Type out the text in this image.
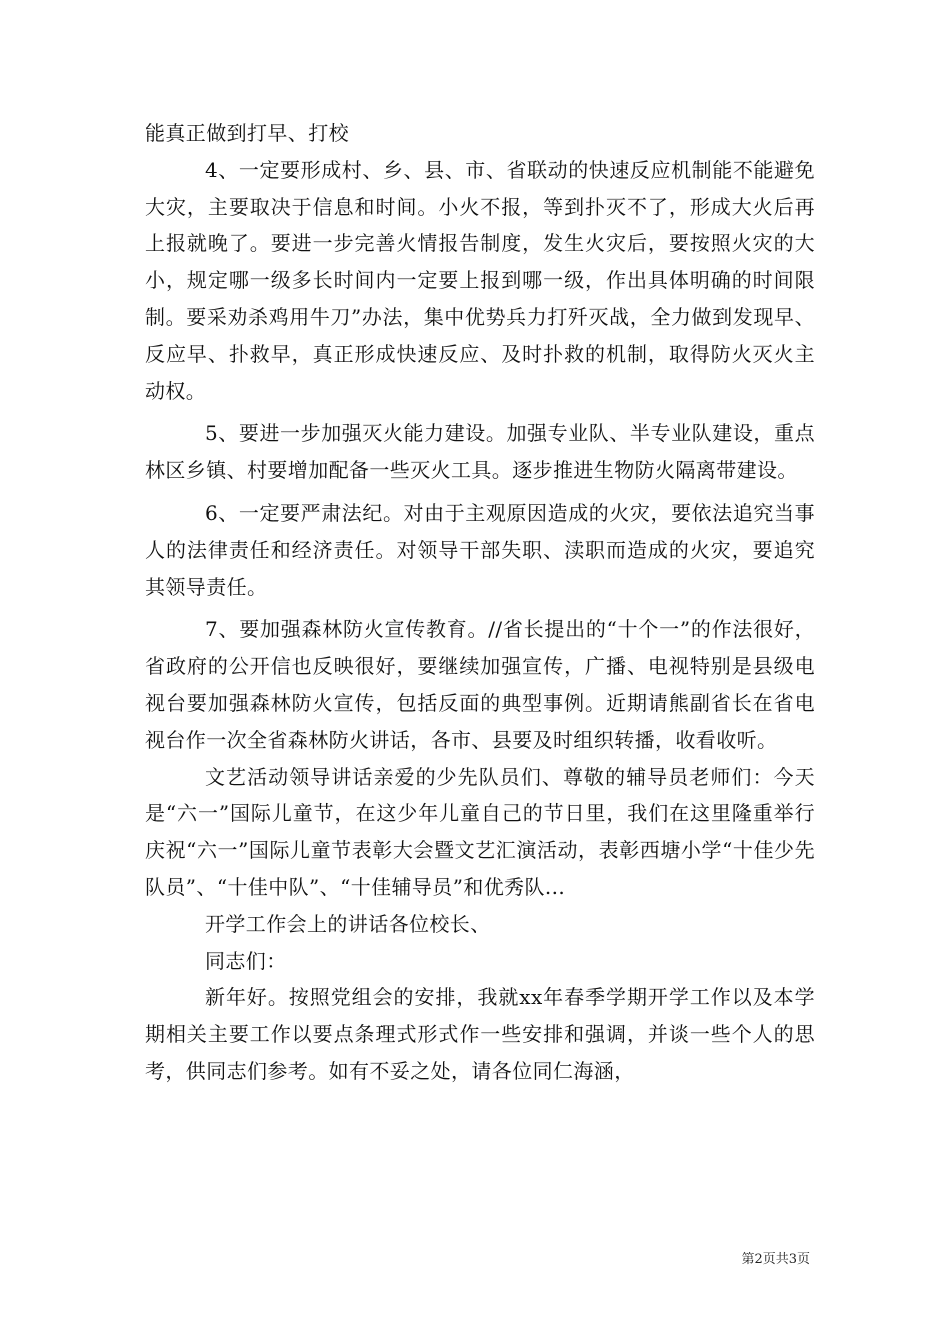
能真正做到打早、打校

4、一定要形成村、乡、县、市、省联动的快速反应机制能不能避免大灾，主要取决于信息和时间。小火不报，等到扑灭不了，形成大火后再上报就晚了。要进一步完善火情报告制度，发生火灾后，要按照火灾的大小，规定哪一级多长时间内一定要上报到哪一级，作出具体明确的时间限制。要采劝杀鸡用牛刀”办法，集中优势兵力打歼灭战，全力做到发现早、反应早、扑救早，真正形成快速反应、及时扑救的机制，取得防火灭火主动权。

5、要进一步加强灭火能力建设。加强专业队、半专业队建设，重点林区乡镇、村要增加配备一些灭火工具。逐步推进生物防火隔离带建设。

6、一定要严肃法纪。对由于主观原因造成的火灾，要依法追究当事人的法律责任和经济责任。对领导干部失职、渎职而造成的火灾，要追究其领导责任。

7、要加强森林防火宣传教育。//省长提出的“十个一”的作法很好，省政府的公开信也反映很好，要继续加强宣传，广播、电视特别是县级电视台要加强森林防火宣传，包括反面的典型事例。近期请熊副省长在省电视台作一次全省森林防火讲话，各市、县要及时组织转播，收看收听。

文艺活动领导讲话亲爱的少先队员们、尊敬的辅导员老师们：今天是“六一”国际儿童节，在这少年儿童自己的节日里，我们在这里隆重举行庆祝“六一”国际儿童节表彰大会暨文艺汇演活动，表彰西塘小学“十佳少先队员”、“十佳中队”、“十佳辅导员”和优秀队...

开学工作会上的讲话各位校长、

同志们：

新年好。按照党组会的安排，我就xx年春季学期开学工作以及本学期相关主要工作以要点条理式形式作一些安排和强调，并谈一些个人的思考，供同志们参考。如有不妥之处，请各位同仁海涵，

第2页共3页
